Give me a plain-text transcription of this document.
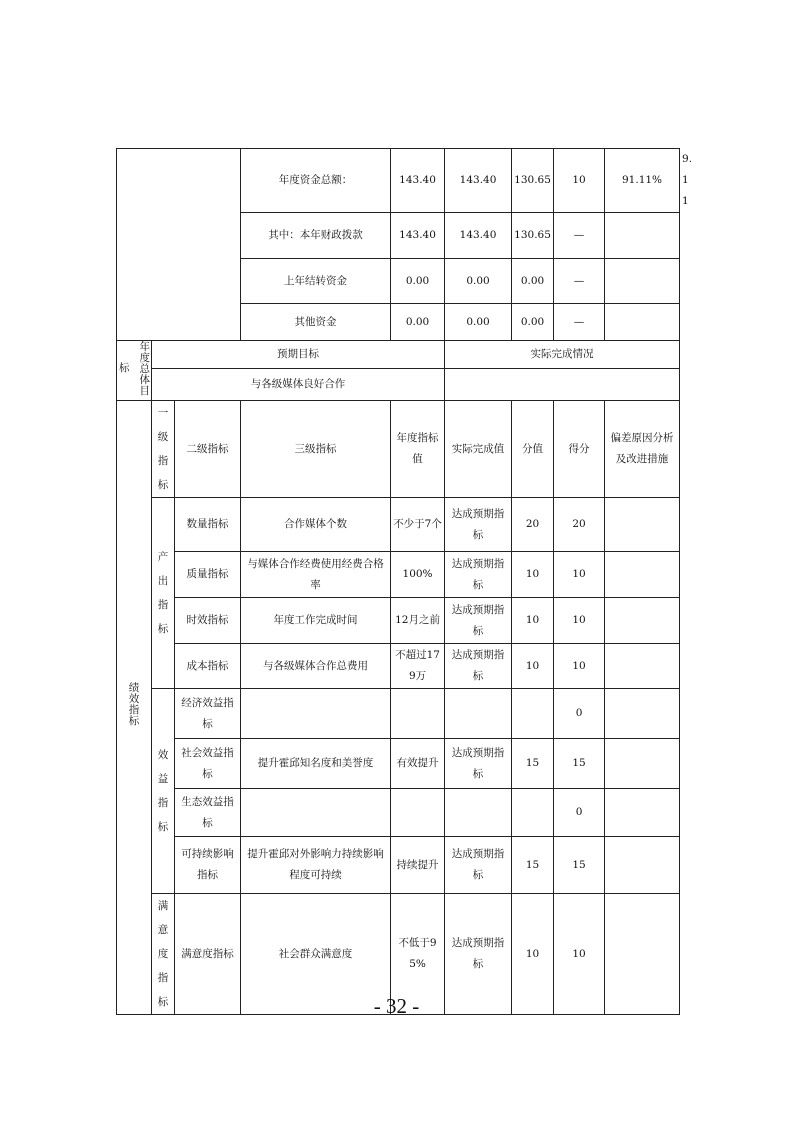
			年度资金总额：	143.40	143.40	130.65	10	91.11%	9.11
			其中：本年财政拨款	143.40	143.40	130.65	—		
			上年结转资金	0.00	0.00	0.00	—		
			其他资金	0.00	0.00	0.00	—		

标
年度总体目	预期目标				实际完成情况				
	与各级媒体良好合作								
绩效指标	一级指标	二级指标	三级指标	年度指标值	实际完成值	分值	得分	偏差原因分析及改进措施	
	产出指标	数量指标	合作媒体个数	不少于7个	达成预期指标	20	20		
		质量指标	与媒体合作经费使用经费合格率	100%	达成预期指标	10	10		
		时效指标	年度工作完成时间	12月之前	达成预期指标	10	10		
		成本指标	与各级媒体合作总费用	不超过179万	达成预期指标	10	10		
	效益指标	经济效益指标					0		
		社会效益指标	提升霍邱知名度和美誉度	有效提升	达成预期指标	15	15		
		生态效益指标					0		
		可持续影响指标	提升霍邱对外影响力持续影响程度可持续	持续提升	达成预期指标	15	15		
	满意度指标	满意度指标	社会群众满意度	不低于95%	达成预期指标	10	10		
- 32 -
